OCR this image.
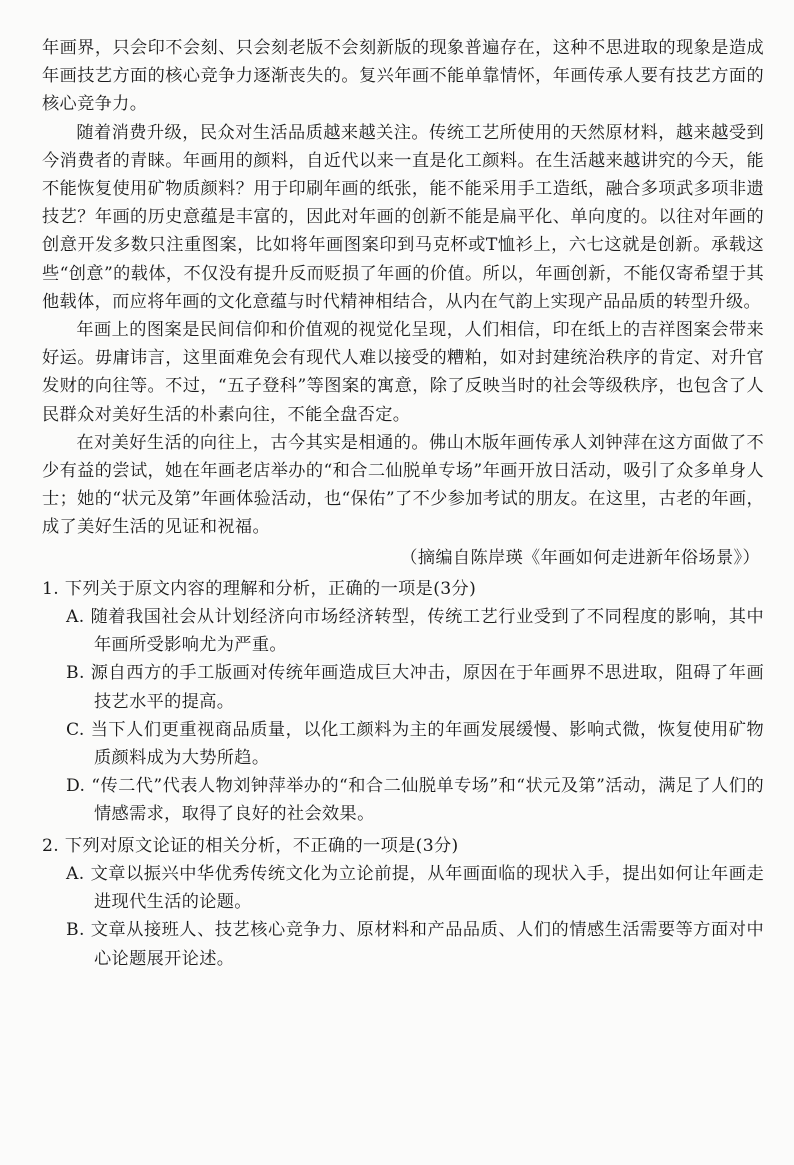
年画界，只会印不会刻、只会刻老版不会刻新版的现象普遍存在，这种不思进取的现象是造成年画技艺方面的核心竞争力逐渐丧失的。复兴年画不能单靠情怀，年画传承人要有技艺方面的核心竞争力。

随着消费升级，民众对生活品质越来越关注。传统工艺所使用的天然原材料，越来越受到今消费者的青睐。年画用的颜料，自近代以来一直是化工颜料。在生活越来越讲究的今天，能不能恢复使用矿物质颜料？用于印刷年画的纸张，能不能采用手工造纸，融合多项武多项非遗技艺？年画的历史意蕴是丰富的，因此对年画的创新不能是扁平化、单向度的。以往对年画的创意开发多数只注重图案，比如将年画图案印到马克杯或T恤衫上，六七这就是创新。承载这些“创意”的载体，不仅没有提升反而贬损了年画的价值。所以，年画创新，不能仅寄希望于其他载体，而应将年画的文化意蕴与时代精神相结合，从内在气韵上实现产品品质的转型升级。

年画上的图案是民间信仰和价值观的视觉化呈现，人们相信，印在纸上的吉祥图案会带来好运。毋庸讳言，这里面难免会有现代人难以接受的糟粕，如对封建统治秩序的肯定、对升官发财的向往等。不过，“五子登科”等图案的寓意，除了反映当时的社会等级秩序，也包含了人民群众对美好生活的朴素向往，不能全盘否定。

在对美好生活的向往上，古今其实是相通的。佛山木版年画传承人刘钟萍在这方面做了不少有益的尝试，她在年画老店举办的“和合二仙脱单专场”年画开放日活动，吸引了众多单身人士；她的“状元及第”年画体验活动，也“保佑”了不少参加考试的朋友。在这里，古老的年画，成了美好生活的见证和祝福。

（摘编自陈岸瑛《年画如何走进新年俗场景》）

1. 下列关于原文内容的理解和分析，正确的一项是(3分)

A. 随着我国社会从计划经济向市场经济转型，传统工艺行业受到了不同程度的影响，其中年画所受影响尤为严重。

B. 源自西方的手工版画对传统年画造成巨大冲击，原因在于年画界不思进取，阻碍了年画技艺水平的提高。

C. 当下人们更重视商品质量，以化工颜料为主的年画发展缓慢、影响式微，恢复使用矿物质颜料成为大势所趋。

D. “传二代”代表人物刘钟萍举办的“和合二仙脱单专场”和“状元及第”活动，满足了人们的情感需求，取得了良好的社会效果。

2. 下列对原文论证的相关分析，不正确的一项是(3分)

A. 文章以振兴中华优秀传统文化为立论前提，从年画面临的现状入手，提出如何让年画走进现代生活的论题。

B. 文章从接班人、技艺核心竞争力、原材料和产品品质、人们的情感生活需要等方面对中心论题展开论述。
